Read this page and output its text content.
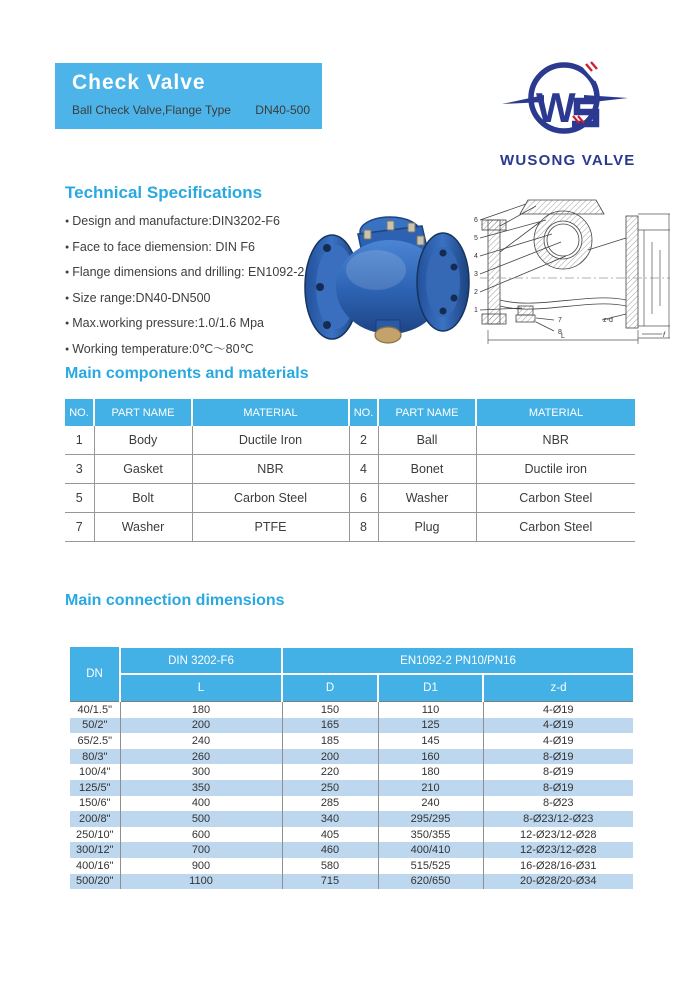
Check Valve
Ball Check Valve,Flange Type DN40-500	W
WUSONG VALVE
Technical Specifications
● Design and manufacture:DIN3202-F6
● Face to face diemension: DIN F6
● Flange dimensions and drilling: EN1092-2
● Size range:DN40-DN500
● Max.working pressure:1.0/1.6 Mpa
● Working temperature:0℃～80℃
6
5
4
3
2
1
7
8
z-d
L	f
Main components and materials
NO.	PART NAME	MATERIAL	NO.	PART NAME	MATERIAL
1	Body	Ductile Iron	2	Ball	NBR
3	Gasket	NBR	4	Bonet	Ductile iron
5	Bolt	Carbon Steel	6	Washer	Carbon Steel
7	Washer	PTFE	8	Plug	Carbon Steel
Main connection dimensions
DN	DIN 3202-F6	EN1092-2 PN10/PN16		
	L	D	D1	z-d
40/1.5"	180	150	110	4-Ø19
50/2"	200	165	125	4-Ø19
65/2.5"	240	185	145	4-Ø19
80/3"	260	200	160	8-Ø19
100/4"	300	220	180	8-Ø19
125/5"	350	250	210	8-Ø19
150/6"	400	285	240	8-Ø23
200/8"	500	340	295/295	8-Ø23/12-Ø23
250/10"	600	405	350/355	12-Ø23/12-Ø28
300/12"	700	460	400/410	12-Ø23/12-Ø28
400/16"	900	580	515/525	16-Ø28/16-Ø31
500/20"	1100	715	620/650	20-Ø28/20-Ø34
